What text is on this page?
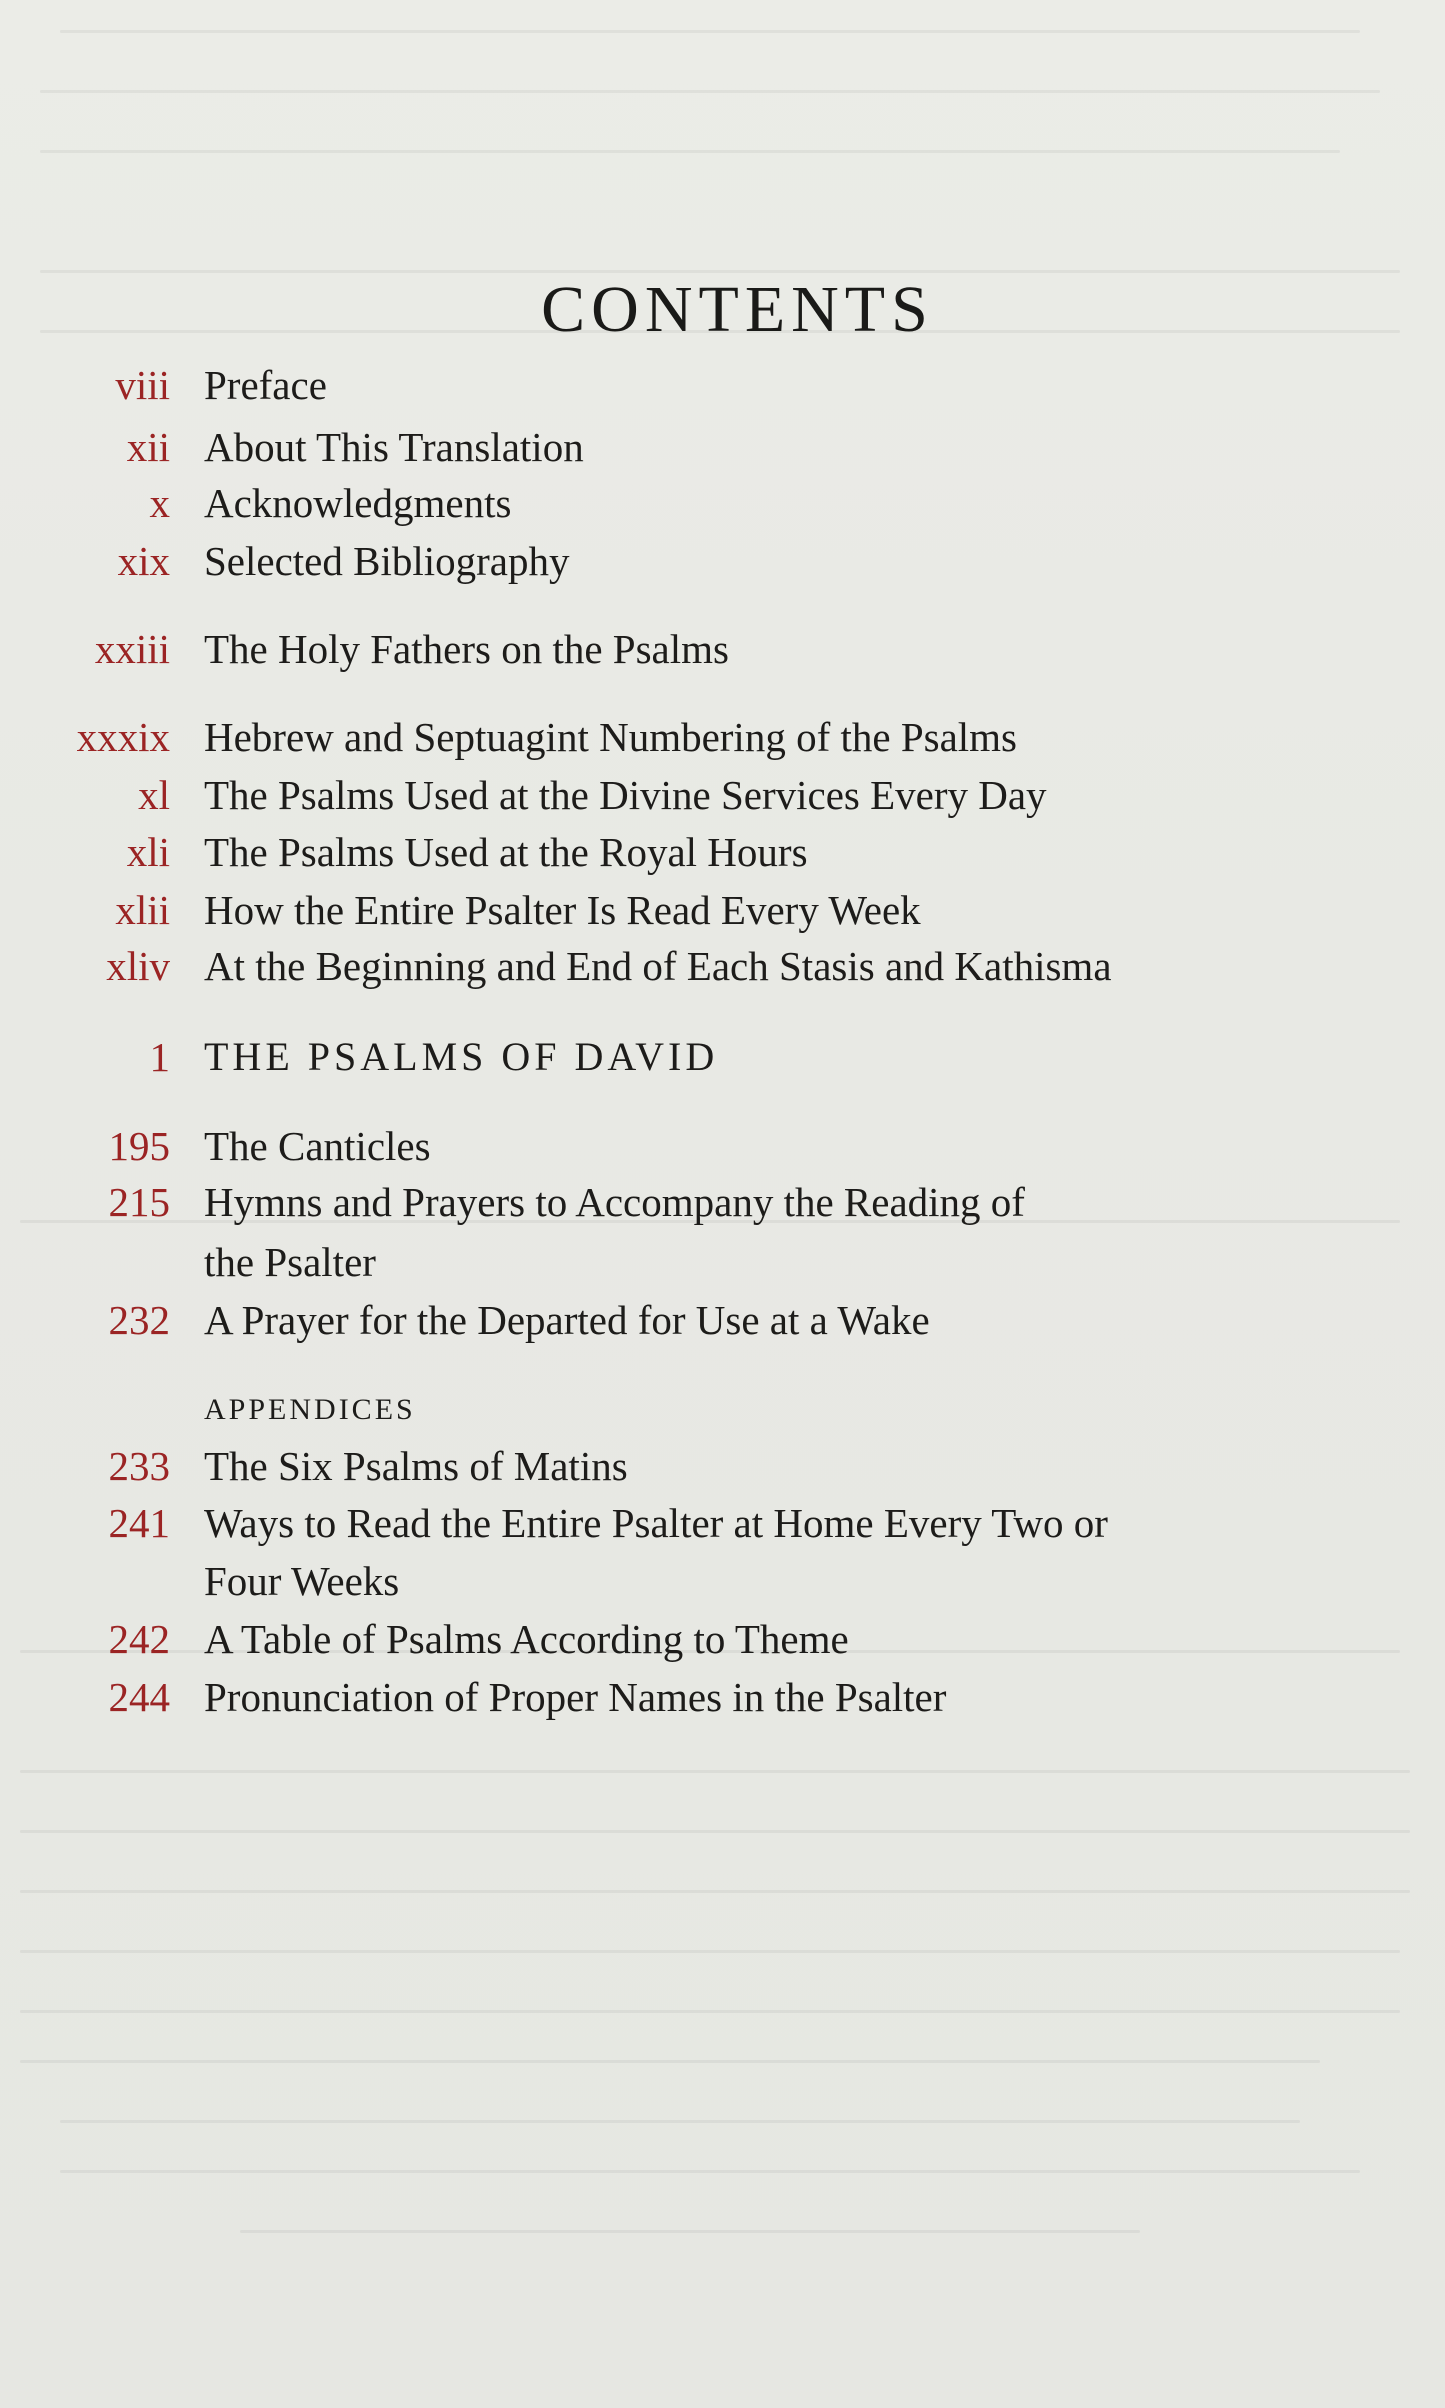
CONTENTS
viii Preface
xii About This Translation
x Acknowledgments
xix Selected Bibliography
xxiii The Holy Fathers on the Psalms
xxxix Hebrew and Septuagint Numbering of the Psalms
xl The Psalms Used at the Divine Services Every Day
xli The Psalms Used at the Royal Hours
xlii How the Entire Psalter Is Read Every Week
xliv At the Beginning and End of Each Stasis and Kathisma
1 THE PSALMS OF DAVID
195 The Canticles
215 Hymns and Prayers to Accompany the Reading of
the Psalter
232 A Prayer for the Departed for Use at a Wake
APPENDICES
233 The Six Psalms of Matins
241 Ways to Read the Entire Psalter at Home Every Two or
Four Weeks
242 A Table of Psalms According to Theme
244 Pronunciation of Proper Names in the Psalter
